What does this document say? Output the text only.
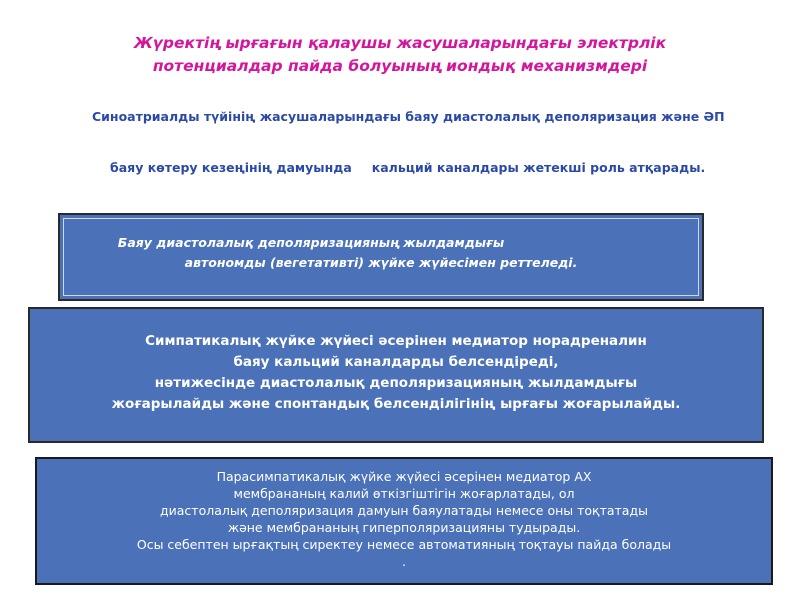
Жүректің ырғағын қалаушы жасушаларындағы электрлік
потенциалдар пайда болуының иондық механизмдері
Синоатриалды түйінің жасушаларындағы баяу диастолалық деполяризация және ӘП
баяу көтеру кезеңінің дамуында кальций каналдары жетекші роль атқарады.
Баяу диастолалық деполяризацияның жылдамдығы
автономды (вегетативті) жүйке жүйесімен реттеледі.
Симпатикалық жүйке жүйесі әсерінен медиатор норадреналин
баяу кальций каналдарды белсендіреді,
нәтижесінде диастолалық деполяризацияның жылдамдығы
жоғарылайды және спонтандық белсенділігінің ырғағы жоғарылайды.
Парасимпатикалық жүйке жүйесі әсерінен медиатор АХ
мембрананың калий өткізгіштігін жоғарлатады, ол
диастолалық деполяризация дамуын баяулатады немесе оны тоқтатады
және мембрананың гиперполяризацияны тудырады.
Осы себептен ырғақтың сиректеу немесе автоматияның тоқтауы пайда болады
.
